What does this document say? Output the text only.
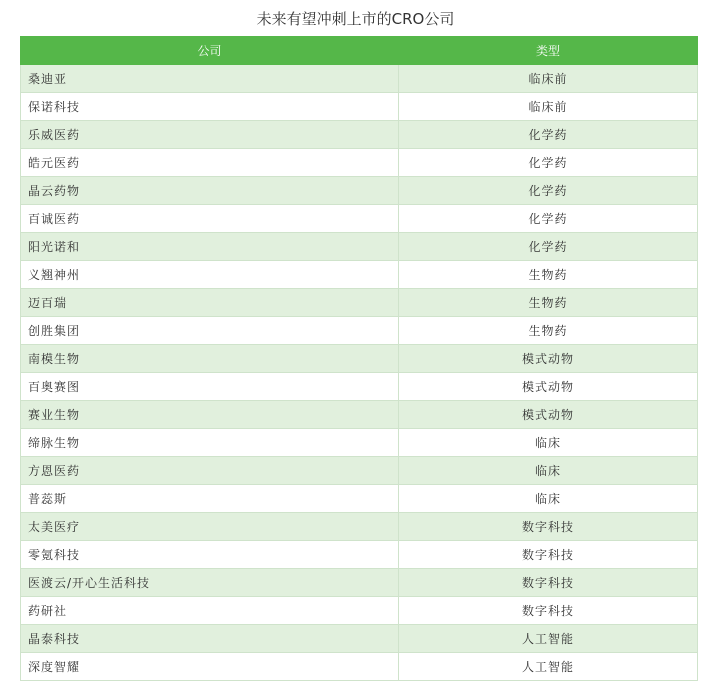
未来有望冲刺上市的CRO公司
公司	类型
桑迪亚	临床前
保诺科技	临床前
乐威医药	化学药
皓元医药	化学药
晶云药物	化学药
百诚医药	化学药
阳光诺和	化学药
义翘神州	生物药
迈百瑞	生物药
创胜集团	生物药
南模生物	模式动物
百奥赛图	模式动物
赛业生物	模式动物
缔脉生物	临床
方恩医药	临床
普蕊斯	临床
太美医疗	数字科技
零氪科技	数字科技
医渡云/开心生活科技	数字科技
药研社	数字科技
晶泰科技	人工智能
深度智耀	人工智能
